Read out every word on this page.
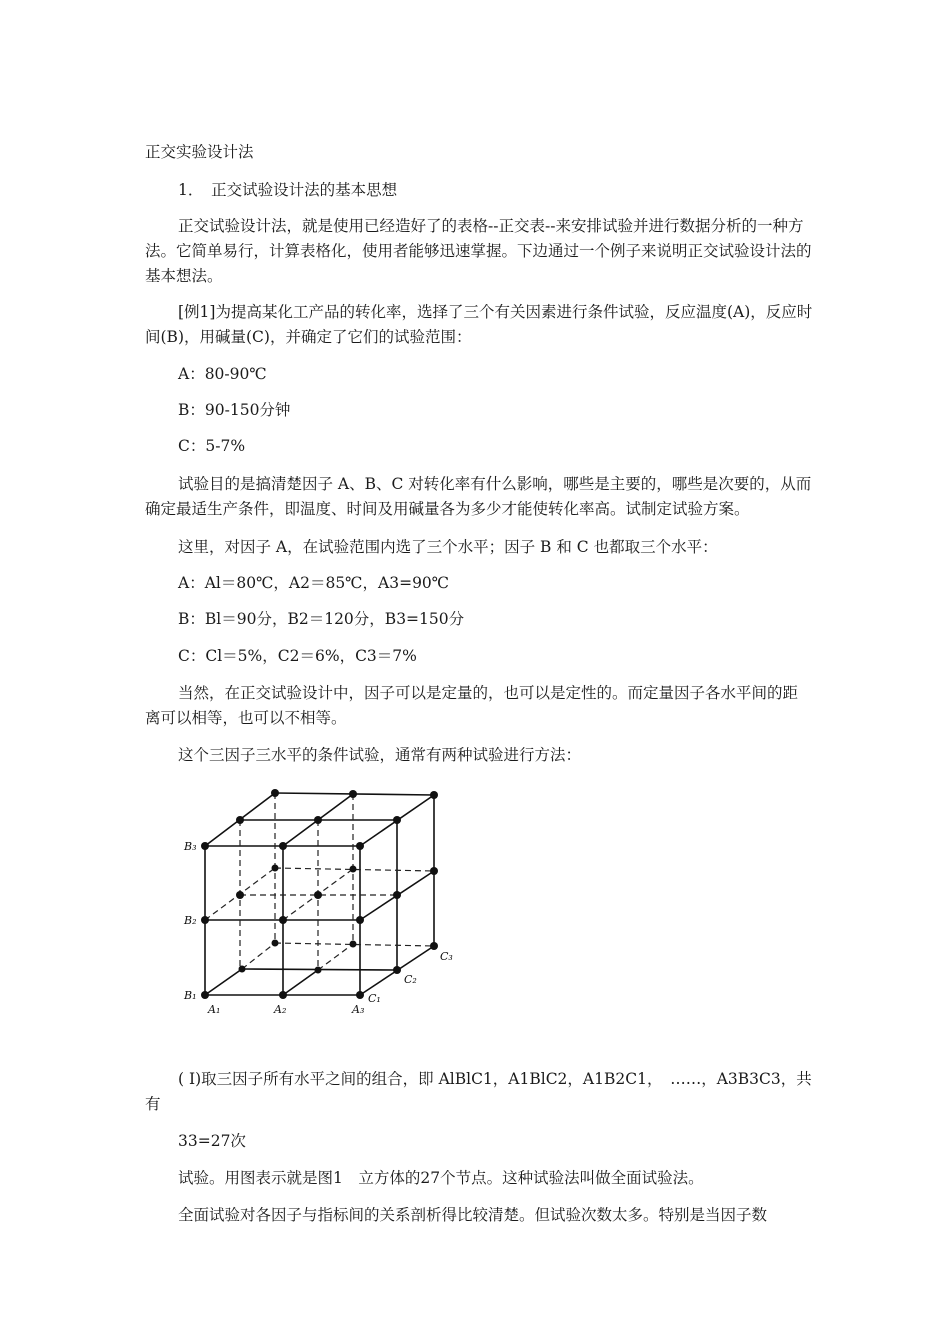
正交实验设计法
1．　正交试验设计法的基本思想
正交试验设计法，就是使用已经造好了的表格--正交表--来安排试验并进行数据分析的一种方法。它简单易行，计算表格化，使用者能够迅速掌握。下边通过一个例子来说明正交试验设计法的基本想法。
[例1]为提高某化工产品的转化率，选择了三个有关因素进行条件试验，反应温度(A)，反应时间(B)，用碱量(C)，并确定了它们的试验范围：
A：80-90℃
B：90-150分钟
C：5-7%
试验目的是搞清楚因子 A、B、C 对转化率有什么影响，哪些是主要的，哪些是次要的，从而确定最适生产条件，即温度、时间及用碱量各为多少才能使转化率高。试制定试验方案。
这里，对因子 A，在试验范围内选了三个水平；因子 B 和 C 也都取三个水平：
A：Al＝80℃，A2＝85℃，A3=90℃
B：Bl＝90分，B2＝120分，B3=150分
C：Cl＝5%，C2＝6%，C3＝7%
当然，在正交试验设计中，因子可以是定量的，也可以是定性的。而定量因子各水平间的距离可以相等，也可以不相等。
这个三因子三水平的条件试验，通常有两种试验进行方法：
B₃
B₂
B₁
A₁	A₂	A₃
C₁
C₂
C₃
( I)取三因子所有水平之间的组合，即 AlBlC1，A1BlC2，A1B2C1，　……，A3B3C3，共有
33=27次
试验。用图表示就是图1　立方体的27个节点。这种试验法叫做全面试验法。
全面试验对各因子与指标间的关系剖析得比较清楚。但试验次数太多。特别是当因子数
